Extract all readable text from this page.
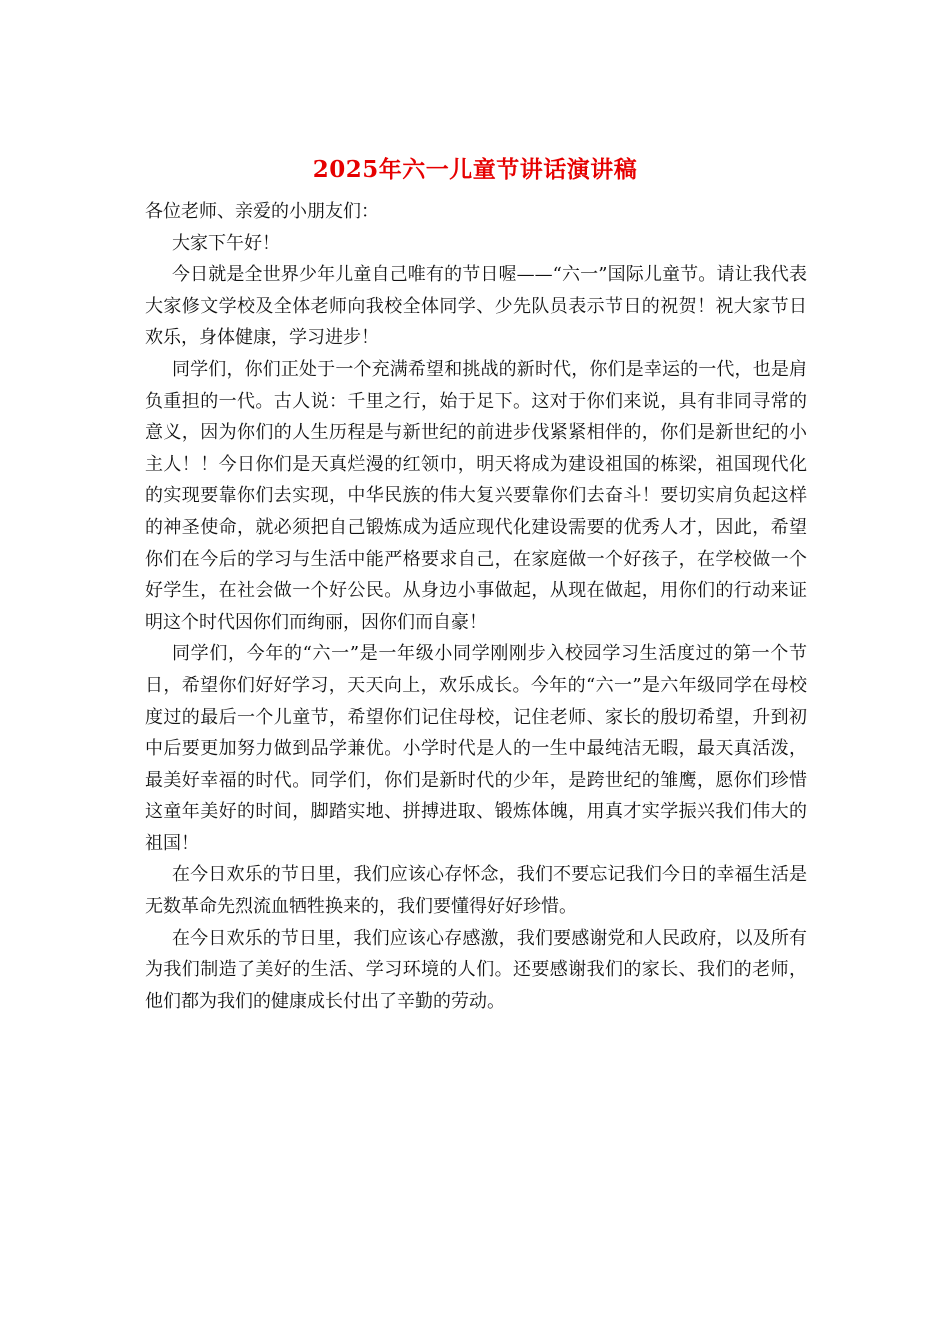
2025年六一儿童节讲话演讲稿

各位老师、亲爱的小朋友们：

大家下午好！

今日就是全世界少年儿童自己唯有的节日喔——“六一”国际儿童节。请让我代表大家修文学校及全体老师向我校全体同学、少先队员表示节日的祝贺！祝大家节日欢乐，身体健康，学习进步！

同学们，你们正处于一个充满希望和挑战的新时代，你们是幸运的一代，也是肩负重担的一代。古人说：千里之行，始于足下。这对于你们来说，具有非同寻常的意义，因为你们的人生历程是与新世纪的前进步伐紧紧相伴的，你们是新世纪的小主人！！今日你们是天真烂漫的红领巾，明天将成为建设祖国的栋梁，祖国现代化的实现要靠你们去实现，中华民族的伟大复兴要靠你们去奋斗！要切实肩负起这样的神圣使命，就必须把自己锻炼成为适应现代化建设需要的优秀人才，因此，希望你们在今后的学习与生活中能严格要求自己，在家庭做一个好孩子，在学校做一个好学生，在社会做一个好公民。从身边小事做起，从现在做起，用你们的行动来证明这个时代因你们而绚丽，因你们而自豪！

同学们，今年的“六一”是一年级小同学刚刚步入校园学习生活度过的第一个节日，希望你们好好学习，天天向上，欢乐成长。今年的“六一”是六年级同学在母校度过的最后一个儿童节，希望你们记住母校，记住老师、家长的殷切希望，升到初中后要更加努力做到品学兼优。小学时代是人的一生中最纯洁无暇，最天真活泼，最美好幸福的时代。同学们，你们是新时代的少年，是跨世纪的雏鹰，愿你们珍惜这童年美好的时间，脚踏实地、拼搏进取、锻炼体魄，用真才实学振兴我们伟大的祖国！

在今日欢乐的节日里，我们应该心存怀念，我们不要忘记我们今日的幸福生活是无数革命先烈流血牺牲换来的，我们要懂得好好珍惜。

在今日欢乐的节日里，我们应该心存感激，我们要感谢党和人民政府，以及所有为我们制造了美好的生活、学习环境的人们。还要感谢我们的家长、我们的老师，他们都为我们的健康成长付出了辛勤的劳动。
